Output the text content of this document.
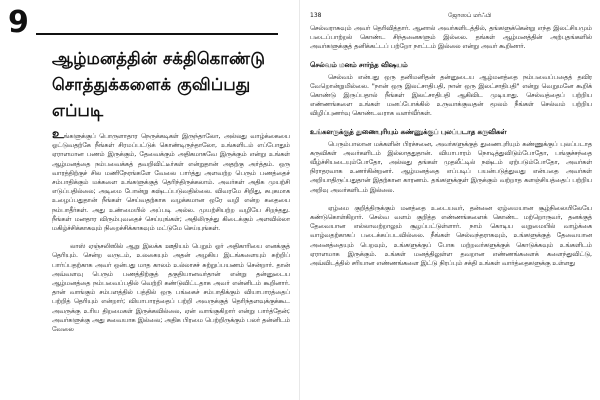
9
ஆழ்மனத்தின் சக்திகொண்டு
சொத்துக்களைக் குவிப்பது எப்படி

உங்களுக்குப் பொருளாதார நெருக்கடிகள் இருந்தாலோ, அல்லது வாழ்க்கையை ஓட்டுவதற்கே நீங்கள் சிரமப்பட்டுக் கொண்டிருந்தாலோ, உங்களிடம் எப்போதும் ஏராளமான பணம் இருக்கும், தேவைக்கும் அதிகமாகவே இருக்கும் என்று உங்கள் ஆழ்மனத்தை நம்பவைக்கத் தவறிவிட்டீர்கள் என்றுதான் அதற்கு அர்த்தம். ஒரு வாரத்திற்குச் சில மணிநேரங்களே வேலை பார்த்து அளவற்ற பெரும் பணத்தைச் சம்பாதிக்கும் மக்களை உங்களுக்குத் தெரிந்திருக்கலாம். அவர்கள் அதிக முயற்சி எடுப்பதில்லை; அடிமை போன்று கஷ்டப்படுவதில்லை. விவரமே சிறிது, சுபுகமாக உழைப்பதுதான் நீங்கள் செய்வதற்காக வழக்கமான ஒரே வழி என்ற கதையை நம்பாதீர்கள். அது உண்மையில் அப்படி அல்ல. முயற்சியற்ற வழியே சிறந்தது. நீங்கள் மனதார விரும்புவதைச் செய்யுங்கள்; அதிலிருந்து கிடைக்கும் அளவில்லா மகிழ்ச்சிக்காகவும் நிறைச்சிக்காகவும் மட்டுமே செய்யுங்கள்.

லாஸ் ஏஞ்சலிஸில் ஆறு இலக்க ஊதியம் பெறும் ஓர் அதிகாரியை எனக்குத் தெரியும். சென்ற வருடம், உலகையும் அதன் அழகிய இடங்களையும் சுற்றிப் பார்ப்பதற்காக அவர் ஒன்பது மாத காலம் உல்லாசச் சுற்றுப்பயணம் சென்றார். தான் அவ்வளவு பெரும் பணத்திற்குத் தகுதியானவர்தான் என்று தன்னுடைய ஆழ்மனத்தை நம்பவைப்பதில் வெற்றி கண்டுவிட்டதாக அவர் என்னிடம் கூறினார். தான் வாங்கும் சம்பளத்தில் பத்தில் ஒரு பங்கைச் சம்பாதிக்கும் வியாபாரத்தைப் பற்றித் தெரியும் என்றார்; வியாபாரத்தைப் பற்றி அவருக்குத் தெரிந்தளவுக்குக்கூட அவருக்கு உரிய திறமைகள் இருக்கவில்லை, ஏன் வாங்குகிறார் என்று பார்த்தேன்; அவர்களுக்கு அது சுவையாக இல்லை; அதிக பிரமை பெற்றிருக்கும் பலர் தன்னிடம் வேலை

138	ஜோஸப் மர்ஃபி

செல்வராசுவும் அவர் தெரிவித்தார். ஆனால் அவர்களிடத்தில், தங்களுக்கென்று எந்த இலட்சியமும் படைப்பாற்றல் கொண்ட சிந்தனைகளும் இல்லை. தங்கள் ஆழ்மனத்தின் அற்புதங்களில் அவர்களுக்குத் தனிக்கட்டப் பற்றோ நாட்டம் இல்லை என்று அவர் கூறினார்.

செல்வம் மனம் சார்ந்த விஷயம்

செல்வம் என்பது ஒரு தனிமனிதன் தன்னுடைய ஆழ்மனத்தை நம்பவைப்பதைத் தவிர வேறொன்றுமில்லை. "நான் ஒரு இலட்சாதிபதி, நான் ஒரு இலட்சாதிபதி" என்று வெறுமனே கூறிக் கொண்டு இருப்பதால் நீங்கள் இலட்சாதிபதி ஆகிவிட முடியாது. செல்வத்தைப் பற்றிய எண்ணங்களை உங்கள் மனப்போக்கில் உருவாக்குவதன் மூலம் நீங்கள் செல்வம் பற்றிய விழிப்புணர்வு கொண்டவராக வளர்வீர்கள்.

உங்களருக்குத் துணைபுரியும் கண்ணுக்குப் புலப்படாத கருவிகள்

பெரும்பாலான மக்களின் பிரச்சனை, அவர்களுக்குத் துணைபுரியும் கண்ணுக்குப் புலப்படாத கருவிகள் அவர்களிடம் இல்லாததுதான். வியாபாரம் நொடித்துவிடும்போதோ, பங்குச்சந்தை வீழ்ச்சியடையும்போதோ, அல்லது தங்கள் முதலீட்டில் நஷ்டம் ஏற்படும்போதோ, அவர்கள் நிராதரவாக உணர்கின்றனர். ஆழ்மனத்தை எப்படிப் பயன்படுத்துவது என்பதை அவர்கள் அறியாதிருப்பதுதான் இதற்கான காரணம். தங்களுக்குள் இருக்கும் வற்றாத களஞ்சியத்தைப் பற்றிய அறிவு அவர்களிடம் இல்லை.

ஏழ்மை குறித்திருக்கும் மனத்தை உடையவர், தன்னை ஏழ்மையான சூழ்நிலையிலேயே கண்டுகொள்கிறார். செல்வ வளம் குறித்த எண்ணங்களைக் கொண்ட மற்றொருவர், தனக்குத் தேவையான எல்லாவற்றாலும் சூழப்பட்டுள்ளார். நாம் கொடிய வறுமையில் வாழ்க்கை வாழ்வதற்காகப் படைக்கப்படவில்லை. நீங்கள் செல்வந்தராகவும், உங்களுக்குத் தேவையான அனைத்தையும் பெறவும், உங்களுக்குப் போக மற்றவர்களுக்குக் கொடுக்கவும் உங்களிடம் ஏராளமாக இருக்கும். உங்கள் மனத்திலுள்ள தவறான எண்ணங்களைக் களைந்துவிட்டு, அவ்விடத்தில் சரியான எண்ணங்களை இட்டு நிரப்பும் சக்தி உங்கள் வார்த்தைகளுக்கு உள்ளது
